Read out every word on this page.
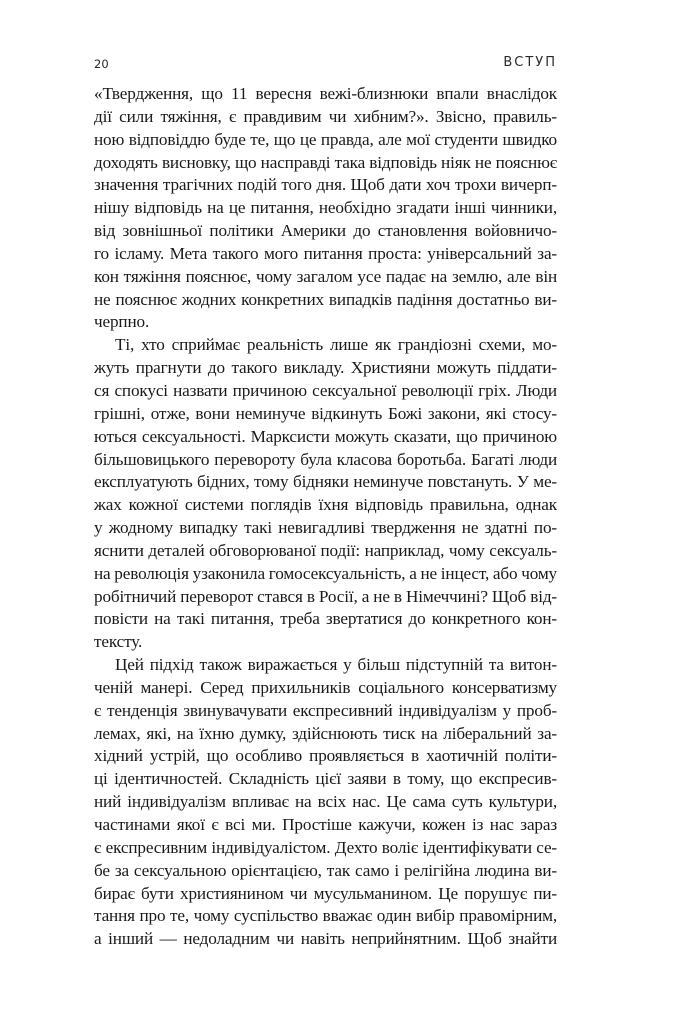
20	ВСТУП
«Твердження, що 11 вересня вежі-близнюки впали внаслідок
дії сили тяжіння, є правдивим чи хибним?». Звісно, правиль-
ною відповіддю буде те, що це правда, але мої студенти швидко
доходять висновку, що насправді така відповідь ніяк не пояснює
значення трагічних подій того дня. Щоб дати хоч трохи вичерп-
нішу відповідь на це питання, необхідно згадати інші чинники,
від зовнішньої політики Америки до становлення войовничо-
го ісламу. Мета такого мого питання проста: універсальний за-
кон тяжіння пояснює, чому загалом усе падає на землю, але він
не пояснює жодних конкретних випадків падіння достатньо ви-
черпно.
Ті, хто сприймає реальність лише як грандіозні схеми, мо-
жуть прагнути до такого викладу. Християни можуть піддати-
ся спокусі назвати причиною сексуальної революції гріх. Люди
грішні, отже, вони неминуче відкинуть Божі закони, які стосу-
ються сексуальності. Марксисти можуть сказати, що причиною
більшовицького перевороту була класова боротьба. Багаті люди
експлуатують бідних, тому бідняки неминуче повстануть. У ме-
жах кожної системи поглядів їхня відповідь правильна, однак
у жодному випадку такі невигадливі твердження не здатні по-
яснити деталей обговорюваної події: наприклад, чому сексуаль-
на революція узаконила гомосексуальність, а не інцест, або чому
робітничий переворот стався в Росії, а не в Німеччині? Щоб від-
повісти на такі питання, треба звертатися до конкретного кон-
тексту.
Цей підхід також виражається у більш підступній та витон-
ченій манері. Серед прихильників соціального консерватизму
є тенденція звинувачувати експресивний індивідуалізм у проб-
лемах, які, на їхню думку, здійснюють тиск на ліберальний за-
хідний устрій, що особливо проявляється в хаотичній політи-
ці ідентичностей. Складність цієї заяви в тому, що експресив-
ний індивідуалізм впливає на всіх нас. Це сама суть культури,
частинами якої є всі ми. Простіше кажучи, кожен із нас зараз
є експресивним індивідуалістом. Дехто воліє ідентифікувати се-
бе за сексуальною орієнтацією, так само і релігійна людина ви-
бирає бути християнином чи мусульманином. Це порушує пи-
тання про те, чому суспільство вважає один вибір правомірним,
а інший — недоладним чи навіть неприйнятним. Щоб знайти
